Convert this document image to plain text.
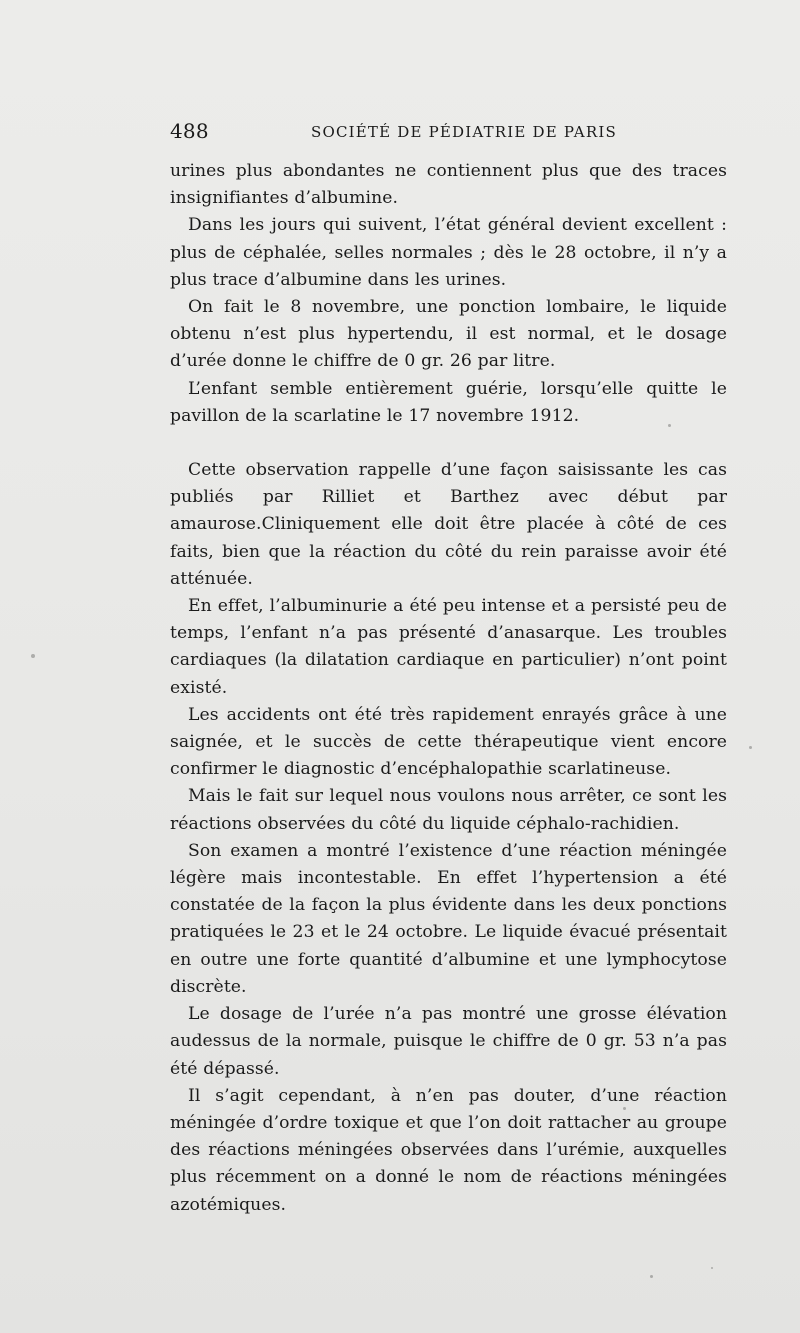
488	SOCIÉTÉ DE PÉDIATRIE DE PARIS

urines plus abondantes ne contiennent plus que des traces insignifiantes d’albumine.

Dans les jours qui suivent, l’état général devient excellent : plus de céphalée, selles normales ; dès le 28 octobre, il n’y a plus trace d’albumine dans les urines.

On fait le 8 novembre, une ponction lombaire, le liquide obtenu n’est plus hypertendu, il est normal, et le dosage d’urée donne le chiffre de 0 gr. 26 par litre.

L’enfant semble entièrement guérie, lorsqu’elle quitte le pavillon de la scarlatine le 17 novembre 1912.

Cette observation rappelle d’une façon saisissante les cas publiés par Rilliet et Barthez avec début par amaurose.Cliniquement elle doit être placée à côté de ces faits, bien que la réaction du côté du rein paraisse avoir été atténuée.

En effet, l’albuminurie a été peu intense et a persisté peu de temps, l’enfant n’a pas présenté d’anasarque. Les troubles cardiaques (la dilatation cardiaque en particulier) n’ont point existé.

Les accidents ont été très rapidement enrayés grâce à une saignée, et le succès de cette thérapeutique vient encore confirmer le diagnostic d’encéphalopathie scarlatineuse.

Mais le fait sur lequel nous voulons nous arrêter, ce sont les réactions observées du côté du liquide céphalo-rachidien.

Son examen a montré l’existence d’une réaction méningée légère mais incontestable. En effet l’hypertension a été constatée de la façon la plus évidente dans les deux ponctions pratiquées le 23 et le 24 octobre. Le liquide évacué présentait en outre une forte quantité d’albumine et une lymphocytose discrète.

Le dosage de l’urée n’a pas montré une grosse élévation audessus de la normale, puisque le chiffre de 0 gr. 53 n’a pas été dépassé.

Il s’agit cependant, à n’en pas douter, d’une réaction méningée d’ordre toxique et que l’on doit rattacher au groupe des réactions méningées observées dans l’urémie, auxquelles plus récemment on a donné le nom de réactions méningées azotémiques.
